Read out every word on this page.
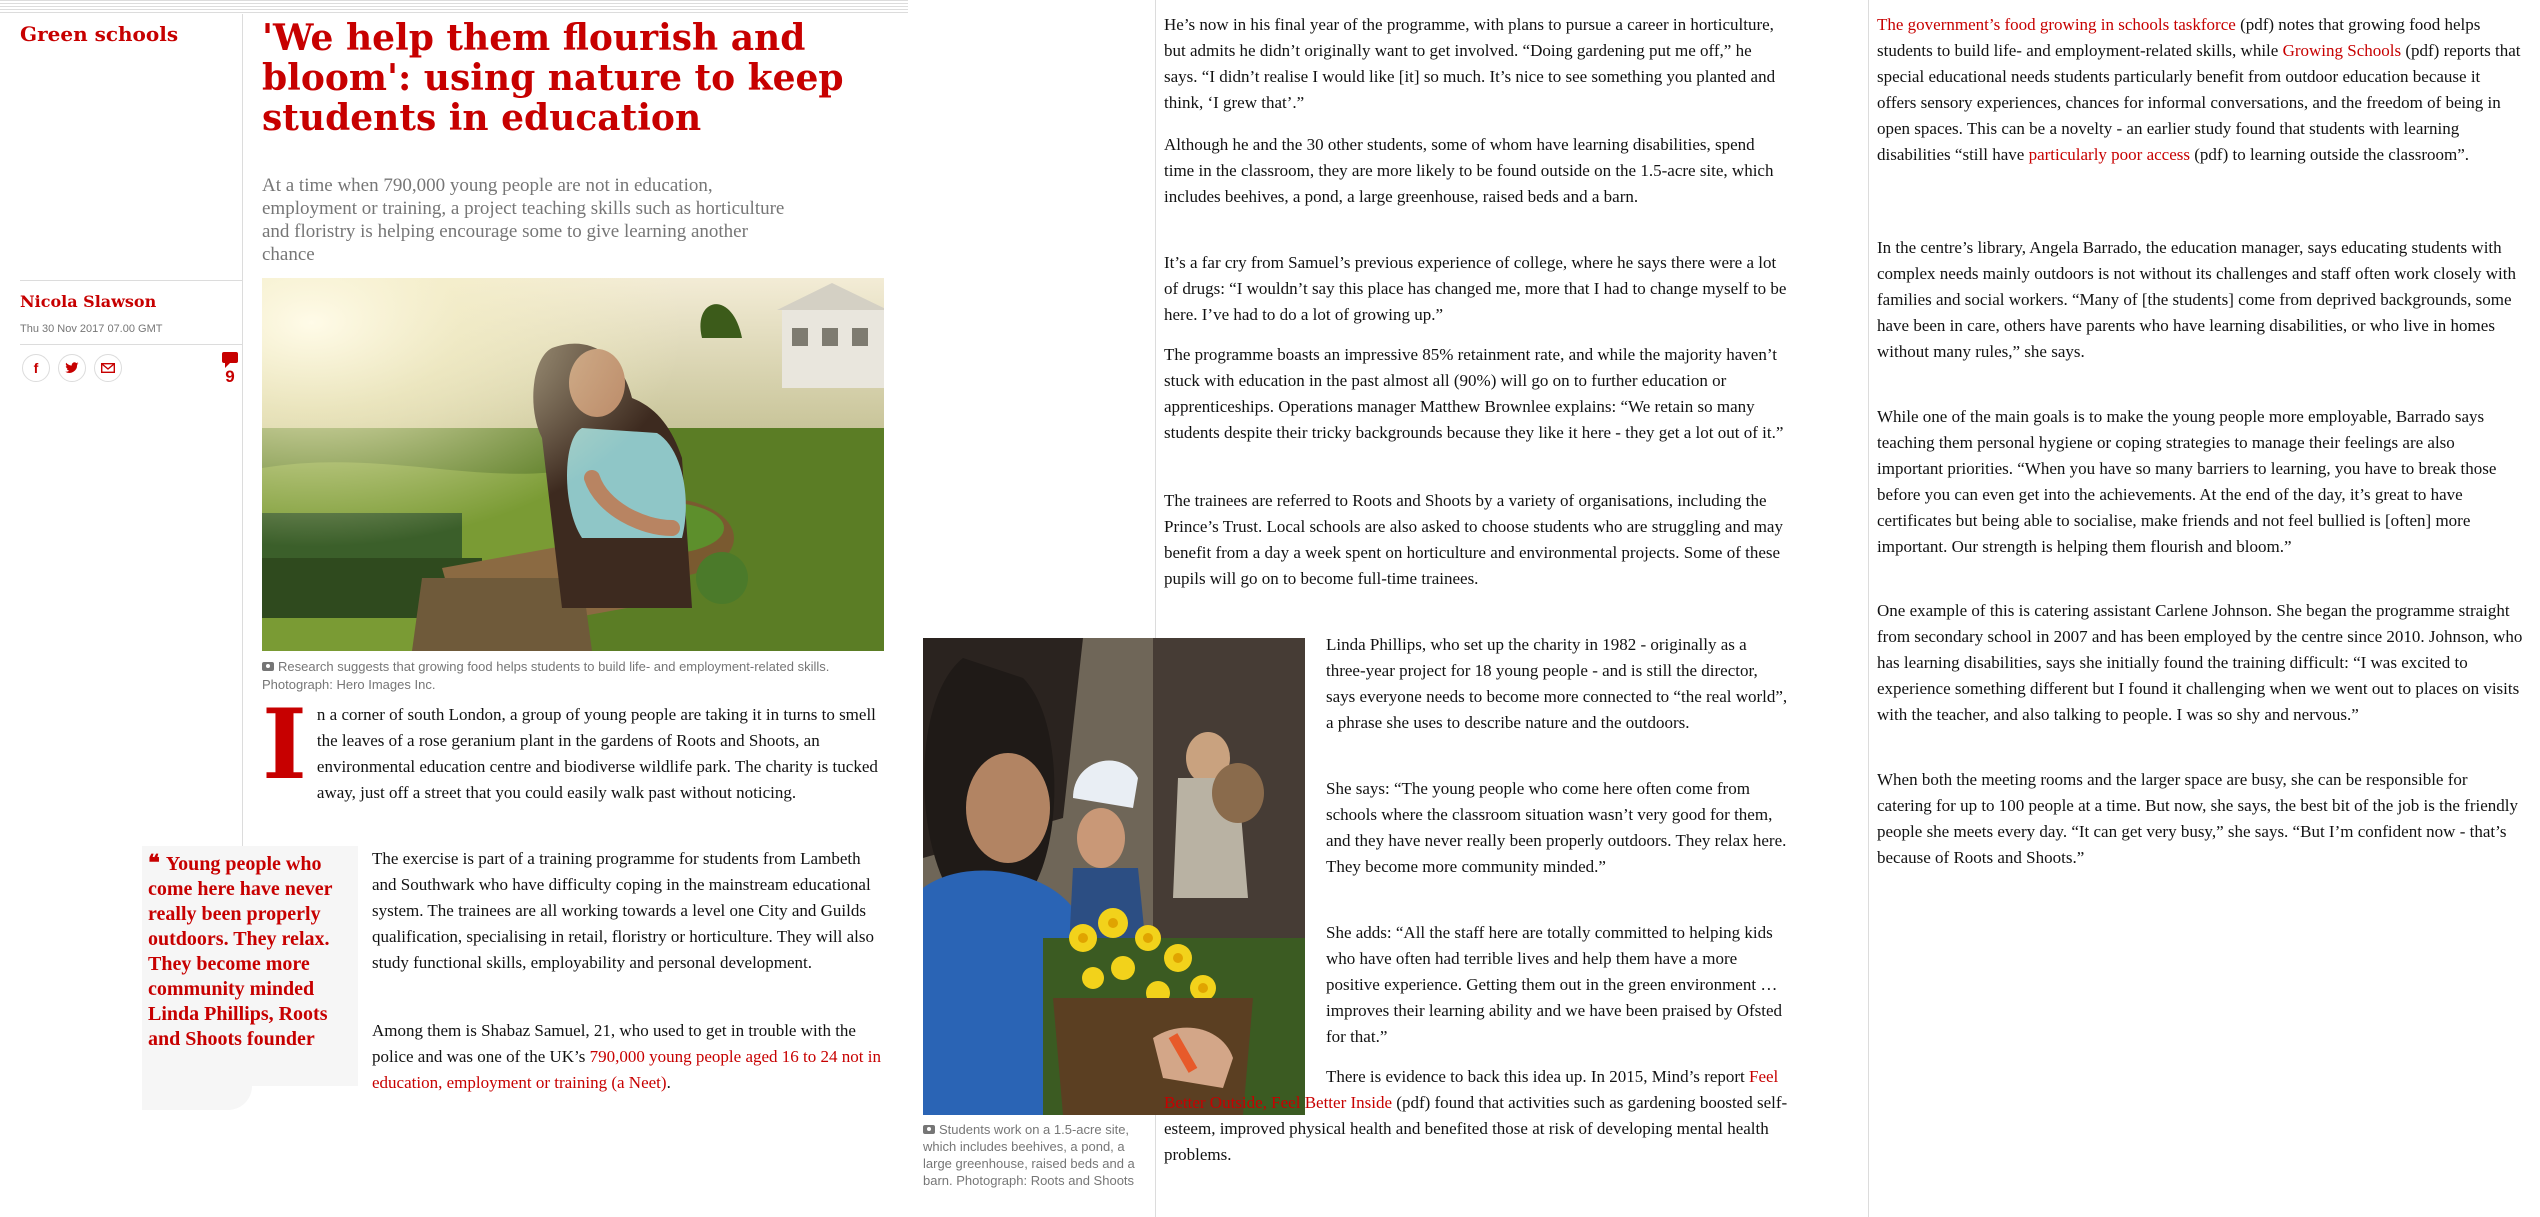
Green schools 'We help them flourish and bloom': using nature to keep students in education
At a time when 790,000 young people are not in education, employment or training, a project teaching skills such as horticulture and floristry is helping encourage some to give learning another chance
Nicola Slawson
Thu 30 Nov 2017 07.00 GMT
f	9
Research suggests that growing food helps students to build life- and employment-related skills. Photograph: Hero Images Inc.

In a corner of south London, a group of young people are taking it in turns to smell the leaves of a rose geranium plant in the gardens of Roots and Shoots, an environmental education centre and biodiverse wildlife park. The charity is tucked away, just off a street that you could easily walk past without noticing.

❝ Young people who come here have never really been properly outdoors. They relax. They become more community minded Linda Phillips, Roots and Shoots founder

The exercise is part of a training programme for students from Lambeth and Southwark who have difficulty coping in the mainstream educational system. The trainees are all working towards a level one City and Guilds qualification, specialising in retail, floristry or horticulture. They will also study functional skills, employability and personal development.

Among them is Shabaz Samuel, 21, who used to get in trouble with the police and was one of the UK’s 790,000 young people aged 16 to 24 not in education, employment or training (a Neet).

He’s now in his final year of the programme, with plans to pursue a career in horticulture, but admits he didn’t originally want to get involved. “Doing gardening put me off,” he says. “I didn’t realise I would like [it] so much. It’s nice to see something you planted and think, ‘I grew that’.”

Although he and the 30 other students, some of whom have learning disabilities, spend time in the classroom, they are more likely to be found outside on the 1.5-acre site, which includes beehives, a pond, a large greenhouse, raised beds and a barn.

It’s a far cry from Samuel’s previous experience of college, where he says there were a lot of drugs: “I wouldn’t say this place has changed me, more that I had to change myself to be here. I’ve had to do a lot of growing up.”

The programme boasts an impressive 85% retainment rate, and while the majority haven’t stuck with education in the past almost all (90%) will go on to further education or apprenticeships. Operations manager Matthew Brownlee explains: “We retain so many students despite their tricky backgrounds because they like it here - they get a lot out of it.”

The trainees are referred to Roots and Shoots by a variety of organisations, including the Prince’s Trust. Local schools are also asked to choose students who are struggling and may benefit from a day a week spent on horticulture and environmental projects. Some of these pupils will go on to become full-time trainees.

Students work on a 1.5-acre site, which includes beehives, a pond, a large greenhouse, raised beds and a barn. Photograph: Roots and Shoots

Linda Phillips, who set up the charity in 1982 - originally as a three-year project for 18 young people - and is still the director, says everyone needs to become more connected to “the real world”, a phrase she uses to describe nature and the outdoors.

She says: “The young people who come here often come from schools where the classroom situation wasn’t very good for them, and they have never really been properly outdoors. They relax here. They become more community minded.”

She adds: “All the staff here are totally committed to helping kids who have often had terrible lives and help them have a more positive experience. Getting them out in the green environment … improves their learning ability and we have been praised by Ofsted for that.”

There is evidence to back this idea up. In 2015, Mind’s report Feel Better Outside, Feel Better Inside (pdf) found that activities such as gardening boosted self-esteem, improved physical health and benefited those at risk of developing mental health problems.

The government’s food growing in schools taskforce (pdf) notes that growing food helps students to build life- and employment-related skills, while Growing Schools (pdf) reports that special educational needs students particularly benefit from outdoor education because it offers sensory experiences, chances for informal conversations, and the freedom of being in open spaces. This can be a novelty - an earlier study found that students with learning disabilities “still have particularly poor access (pdf) to learning outside the classroom”.

In the centre’s library, Angela Barrado, the education manager, says educating students with complex needs mainly outdoors is not without its challenges and staff often work closely with families and social workers. “Many of [the students] come from deprived backgrounds, some have been in care, others have parents who have learning disabilities, or who live in homes without many rules,” she says.

While one of the main goals is to make the young people more employable, Barrado says teaching them personal hygiene or coping strategies to manage their feelings are also important priorities. “When you have so many barriers to learning, you have to break those before you can even get into the achievements. At the end of the day, it’s great to have certificates but being able to socialise, make friends and not feel bullied is [often] more important. Our strength is helping them flourish and bloom.”

One example of this is catering assistant Carlene Johnson. She began the programme straight from secondary school in 2007 and has been employed by the centre since 2010. Johnson, who has learning disabilities, says she initially found the training difficult: “I was excited to experience something different but I found it challenging when we went out to places on visits with the teacher, and also talking to people. I was so shy and nervous.”

When both the meeting rooms and the larger space are busy, she can be responsible for catering for up to 100 people at a time. But now, she says, the best bit of the job is the friendly people she meets every day. “It can get very busy,” she says. “But I’m confident now - that’s because of Roots and Shoots.”
